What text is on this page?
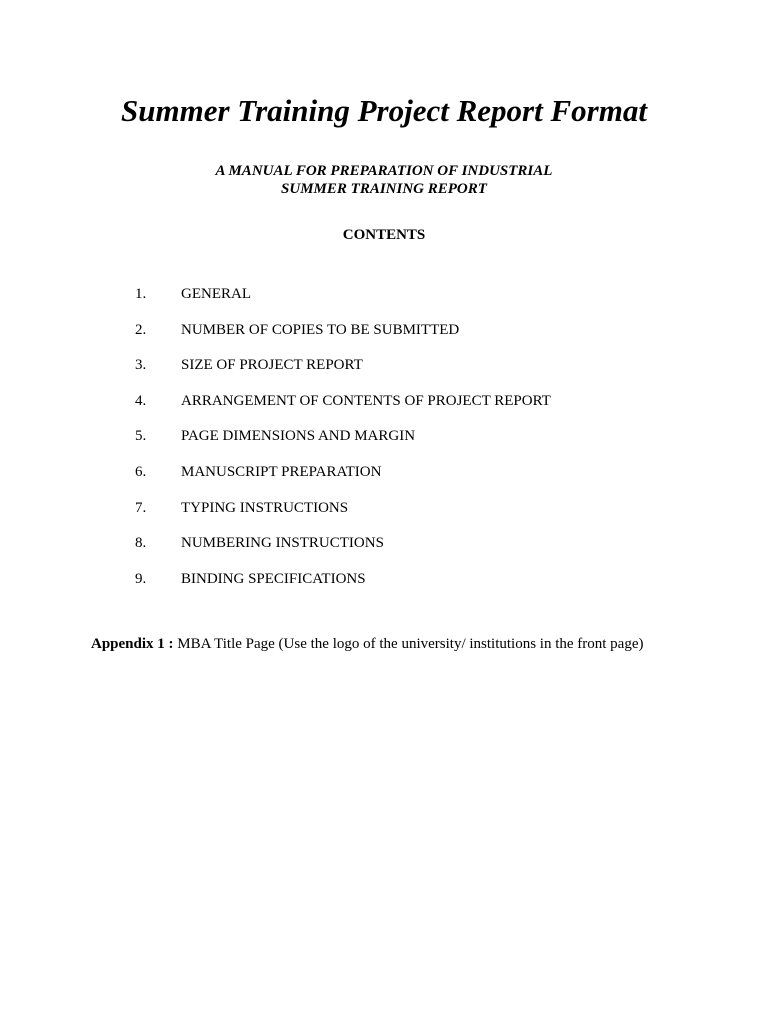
Summer Training Project Report Format
A MANUAL FOR PREPARATION OF INDUSTRIAL
SUMMER TRAINING REPORT
CONTENTS
1. GENERAL
2. NUMBER OF COPIES TO BE SUBMITTED
3. SIZE OF PROJECT REPORT
4. ARRANGEMENT OF CONTENTS OF PROJECT REPORT
5. PAGE DIMENSIONS AND MARGIN
6. MANUSCRIPT PREPARATION
7. TYPING INSTRUCTIONS
8. NUMBERING INSTRUCTIONS
9. BINDING SPECIFICATIONS
Appendix 1 : MBA Title Page (Use the logo of the university/ institutions in the front page)
